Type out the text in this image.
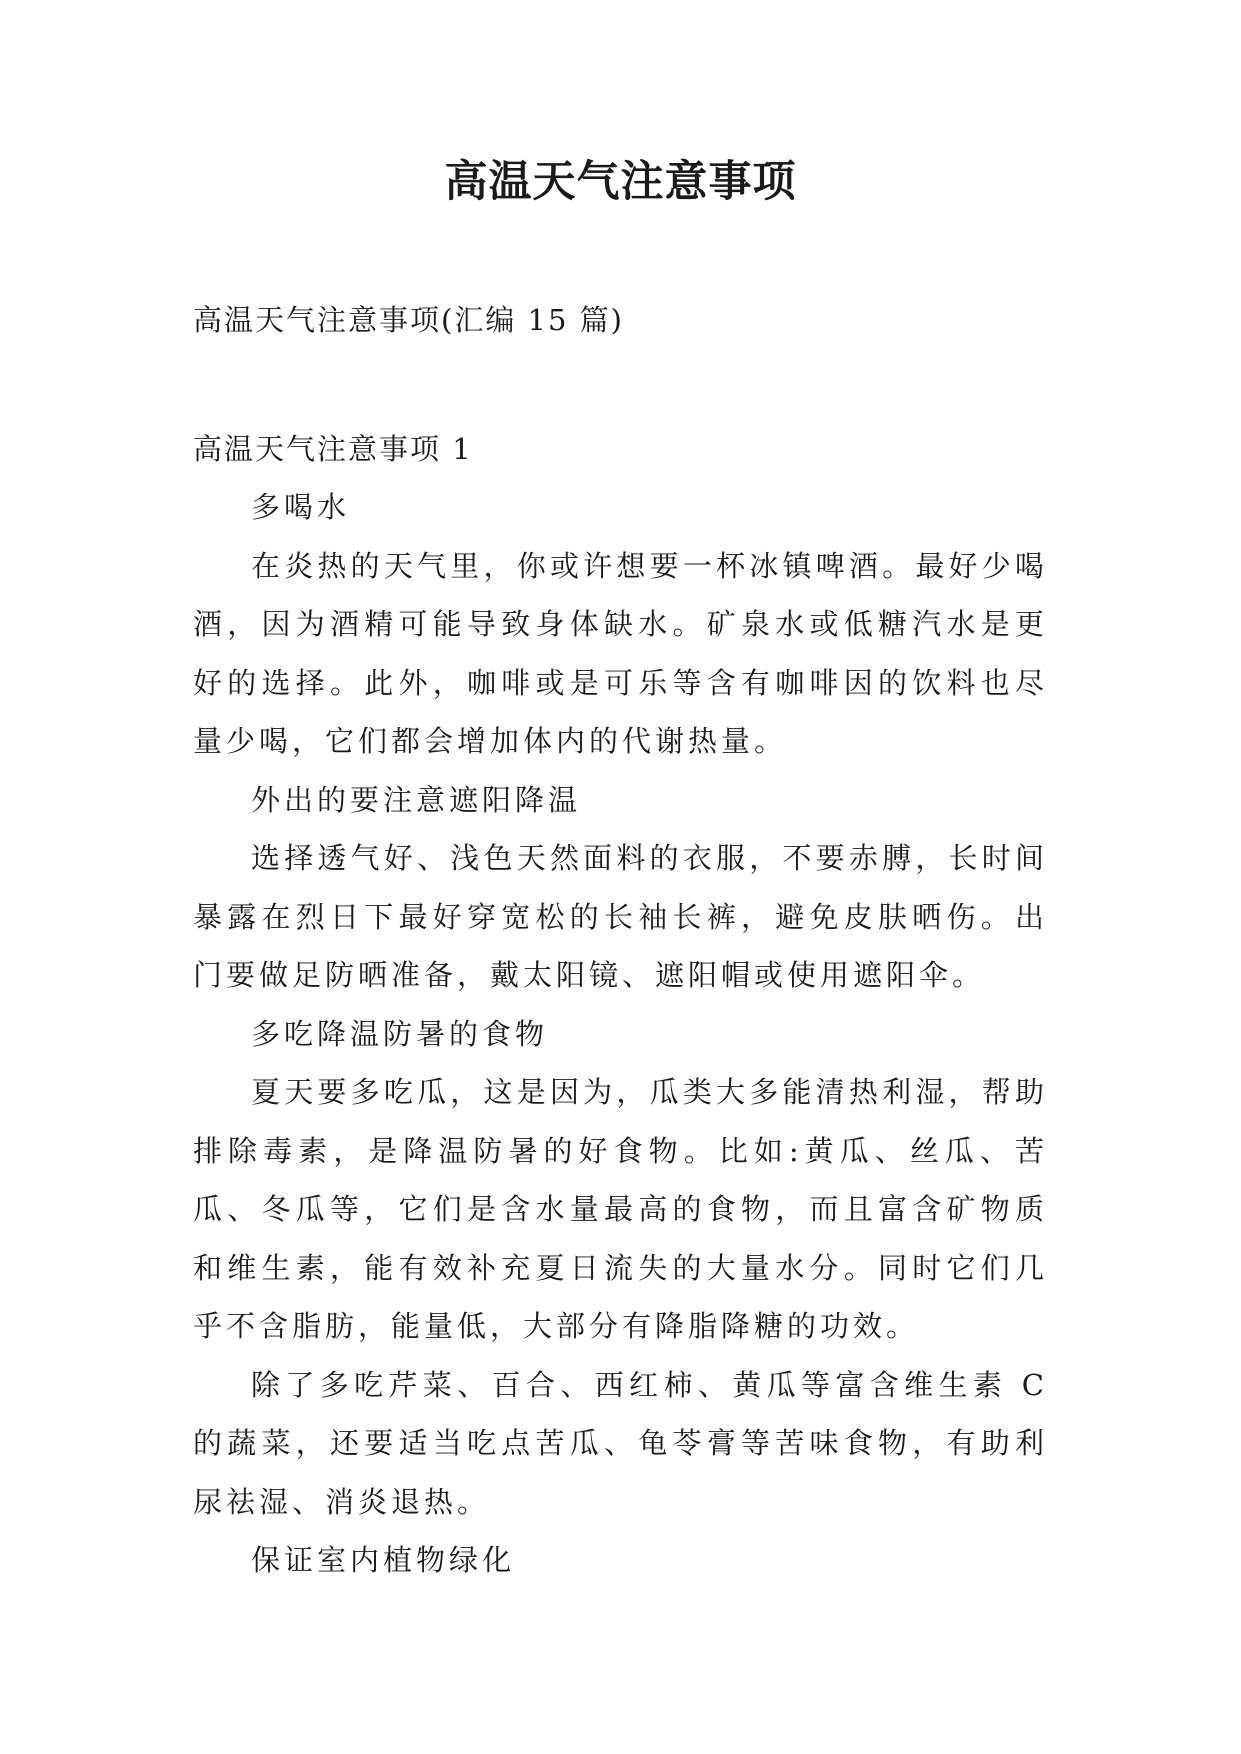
高温天气注意事项

高温天气注意事项(汇编 15 篇)

高温天气注意事项 1

多喝水

在炎热的天气里，你或许想要一杯冰镇啤酒。最好少喝酒，因为酒精可能导致身体缺水。矿泉水或低糖汽水是更好的选择。此外，咖啡或是可乐等含有咖啡因的饮料也尽量少喝，它们都会增加体内的代谢热量。

外出的要注意遮阳降温

选择透气好、浅色天然面料的衣服，不要赤膊，长时间暴露在烈日下最好穿宽松的长袖长裤，避免皮肤晒伤。出门要做足防晒准备，戴太阳镜、遮阳帽或使用遮阳伞。

多吃降温防暑的食物

夏天要多吃瓜，这是因为，瓜类大多能清热利湿，帮助排除毒素，是降温防暑的好食物。比如:黄瓜、丝瓜、苦瓜、冬瓜等，它们是含水量最高的食物，而且富含矿物质和维生素，能有效补充夏日流失的大量水分。同时它们几乎不含脂肪，能量低，大部分有降脂降糖的功效。

除了多吃芹菜、百合、西红柿、黄瓜等富含维生素 C 的蔬菜，还要适当吃点苦瓜、龟苓膏等苦味食物，有助利尿祛湿、消炎退热。

保证室内植物绿化
